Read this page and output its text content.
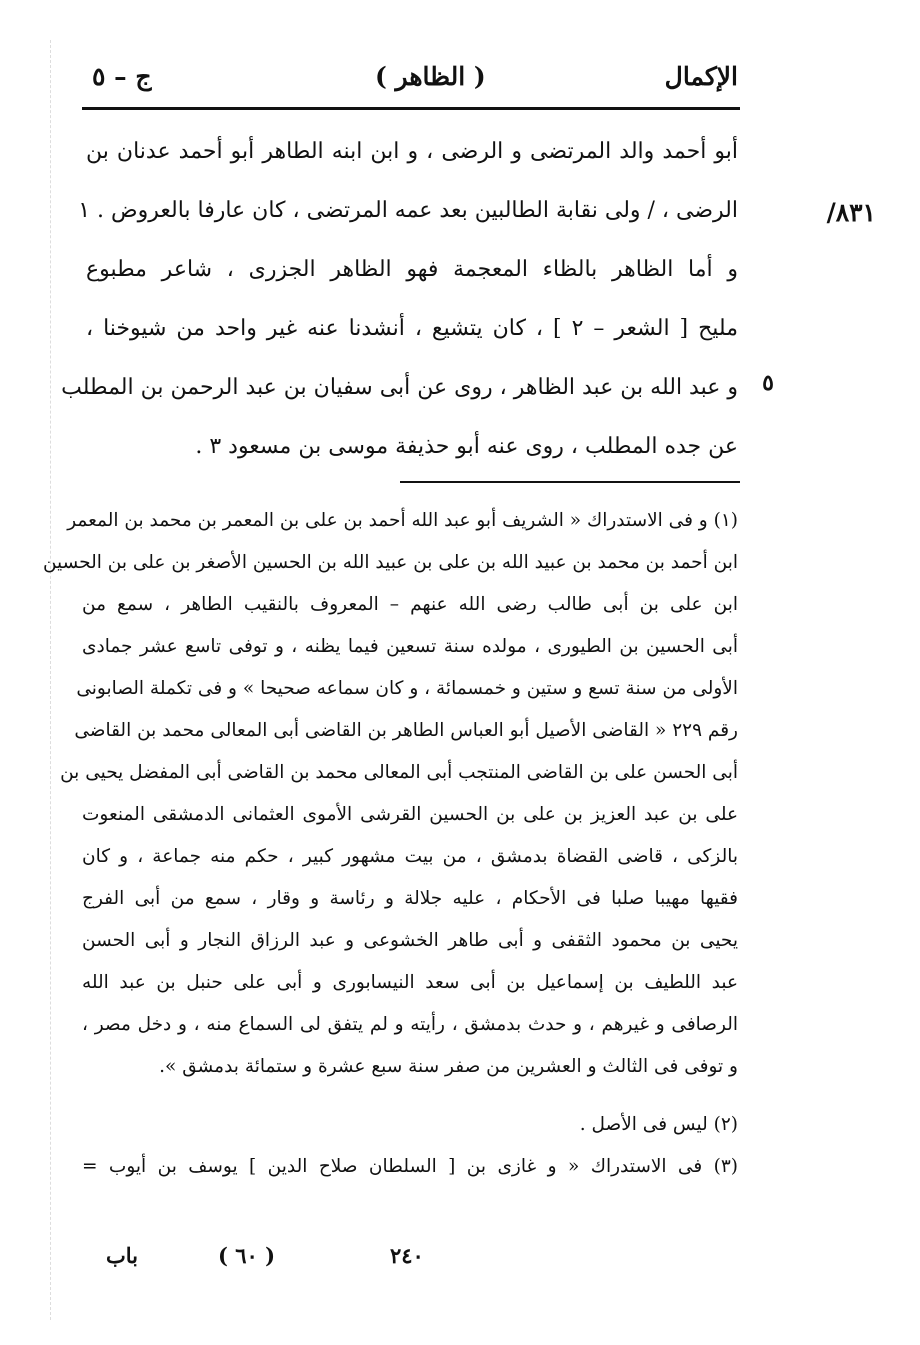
الإكمال
( الظاهر )
ج – ٥
/٨٣١
٥
أبو أحمد والد المرتضى و الرضى ، و ابن ابنه الطاهر أبو أحمد عدنان بن
الرضى ، / ولى نقابة الطالبين بعد عمه المرتضى ، كان عارفا بالعروض . ١
و أما الظاهر بالظاء المعجمة فهو الظاهر الجزرى ، شاعر مطبوع
مليح [ الشعر – ٢ ] ، كان يتشيع ، أنشدنا عنه غير واحد من شيوخنا ،
و عبد الله بن عبد الظاهر ، روى عن أبى سفيان بن عبد الرحمن بن المطلب
عن جده المطلب ، روى عنه أبو حذيفة موسى بن مسعود ٣ .
(١) و فى الاستدراك « الشريف أبو عبد الله أحمد بن على بن المعمر بن محمد بن المعمر
ابن أحمد بن محمد بن عبيد الله بن على بن عبيد الله بن الحسين الأصغر بن على بن الحسين
ابن على بن أبى طالب رضى الله عنهم – المعروف بالنقيب الطاهر ، سمع من
أبى الحسين بن الطيورى ، مولده سنة تسعين فيما يظنه ، و توفى تاسع عشر جمادى
الأولى من سنة تسع و ستين و خمسمائة ، و كان سماعه صحيحا » و فى تكملة الصابونى
رقم ٢٢٩ « القاضى الأصيل أبو العباس الطاهر بن القاضى أبى المعالى محمد بن القاضى
أبى الحسن على بن القاضى المنتجب أبى المعالى محمد بن القاضى أبى المفضل يحيى بن
على بن عبد العزيز بن على بن الحسين القرشى الأموى العثمانى الدمشقى المنعوت
بالزكى ، قاضى القضاة بدمشق ، من بيت مشهور كبير ، حكم منه جماعة ، و كان
فقيها مهيبا صلبا فى الأحكام ، عليه جلالة و رئاسة و وقار ، سمع من أبى الفرج
يحيى بن محمود الثقفى و أبى طاهر الخشوعى و عبد الرزاق النجار و أبى الحسن
عبد اللطيف بن إسماعيل بن أبى سعد النيسابورى و أبى على حنبل بن عبد الله
الرصافى و غيرهم ، و حدث بدمشق ، رأيته و لم يتفق لى السماع منه ، و دخل مصر ،
و توفى فى الثالث و العشرين من صفر سنة سبع عشرة و ستمائة بدمشق ».
(٢) ليس فى الأصل .
(٣) فى الاستدراك « و غازى بن [ السلطان صلاح الدين ] يوسف بن أيوب =
باب	( ٦٠ )	٢٤٠
